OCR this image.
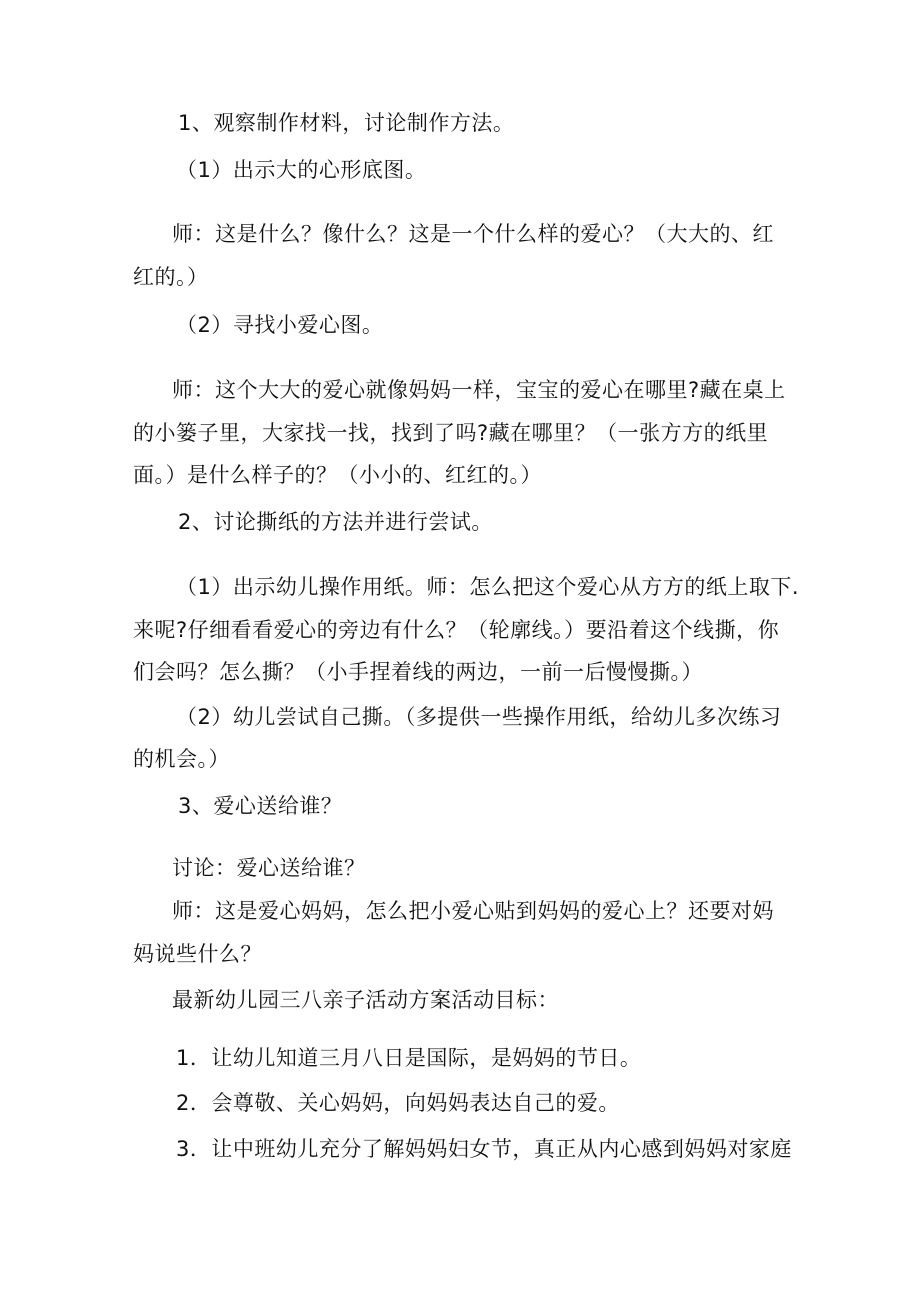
1、观察制作材料，讨论制作方法。
（1）出示大的心形底图。
师：这是什么？像什么？这是一个什么样的爱心？（大大的、红
红的。）
（2）寻找小爱心图。
师：这个大大的爱心就像妈妈一样，宝宝的爱心在哪里?藏在桌上
的小篓子里，大家找一找，找到了吗?藏在哪里？（一张方方的纸里
面。）是什么样子的？（小小的、红红的。）
2、讨论撕纸的方法并进行尝试。
（1）出示幼儿操作用纸。师：怎么把这个爱心从方方的纸上取下.
来呢?仔细看看爱心的旁边有什么？（轮廓线。）要沿着这个线撕，你
们会吗？怎么撕？（小手捏着线的两边，一前一后慢慢撕。）
（2）幼儿尝试自己撕。（多提供一些操作用纸，给幼儿多次练习
的机会。）
3、爱心送给谁？
讨论：爱心送给谁？
师：这是爱心妈妈，怎么把小爱心贴到妈妈的爱心上？还要对妈
妈说些什么？
最新幼儿园三八亲子活动方案活动目标：
1．让幼儿知道三月八日是国际，是妈妈的节日。
2．会尊敬、关心妈妈，向妈妈表达自己的爱。
3．让中班幼儿充分了解妈妈妇女节，真正从内心感到妈妈对家庭
